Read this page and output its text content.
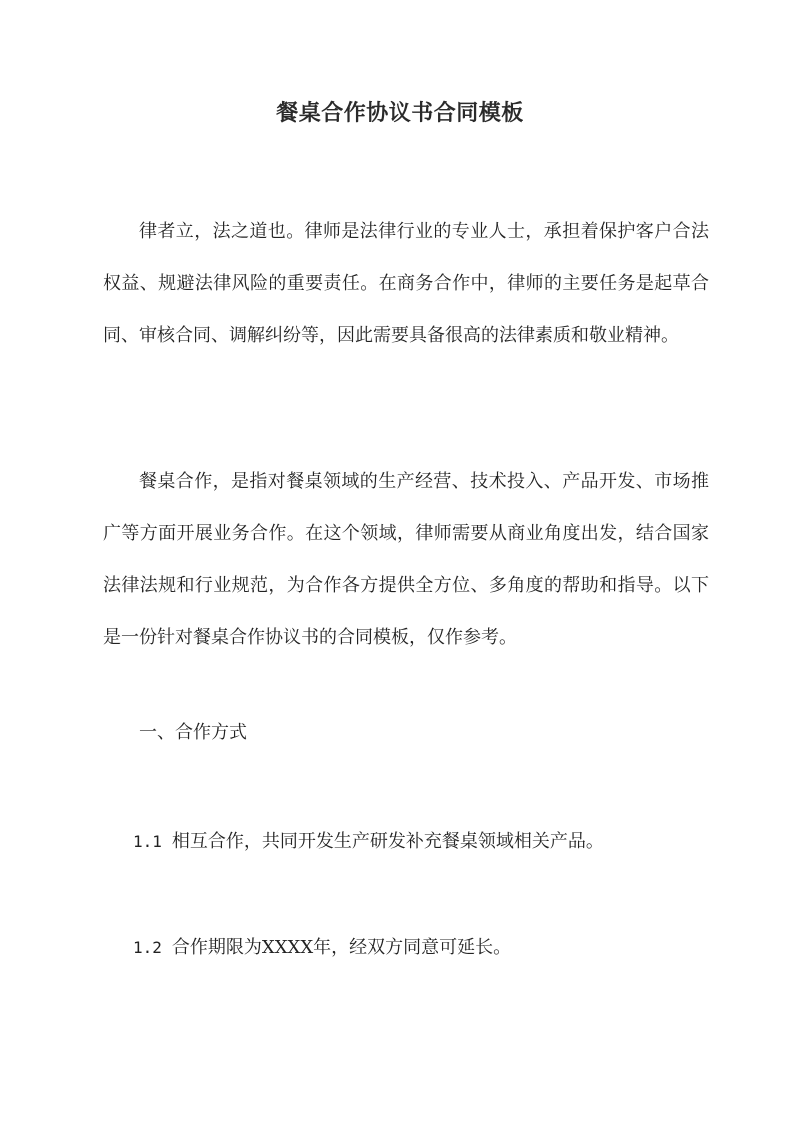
餐桌合作协议书合同模板

律者立，法之道也。律师是法律行业的专业人士，承担着保护客户合法权益、规避法律风险的重要责任。在商务合作中，律师的主要任务是起草合同、审核合同、调解纠纷等，因此需要具备很高的法律素质和敬业精神。

餐桌合作，是指对餐桌领域的生产经营、技术投入、产品开发、市场推广等方面开展业务合作。在这个领域，律师需要从商业角度出发，结合国家法律法规和行业规范，为合作各方提供全方位、多角度的帮助和指导。以下是一份针对餐桌合作协议书的合同模板，仅作参考。

一、合作方式

1.1 相互合作，共同开发生产研发补充餐桌领域相关产品。

1.2 合作期限为XXXX年，经双方同意可延长。
